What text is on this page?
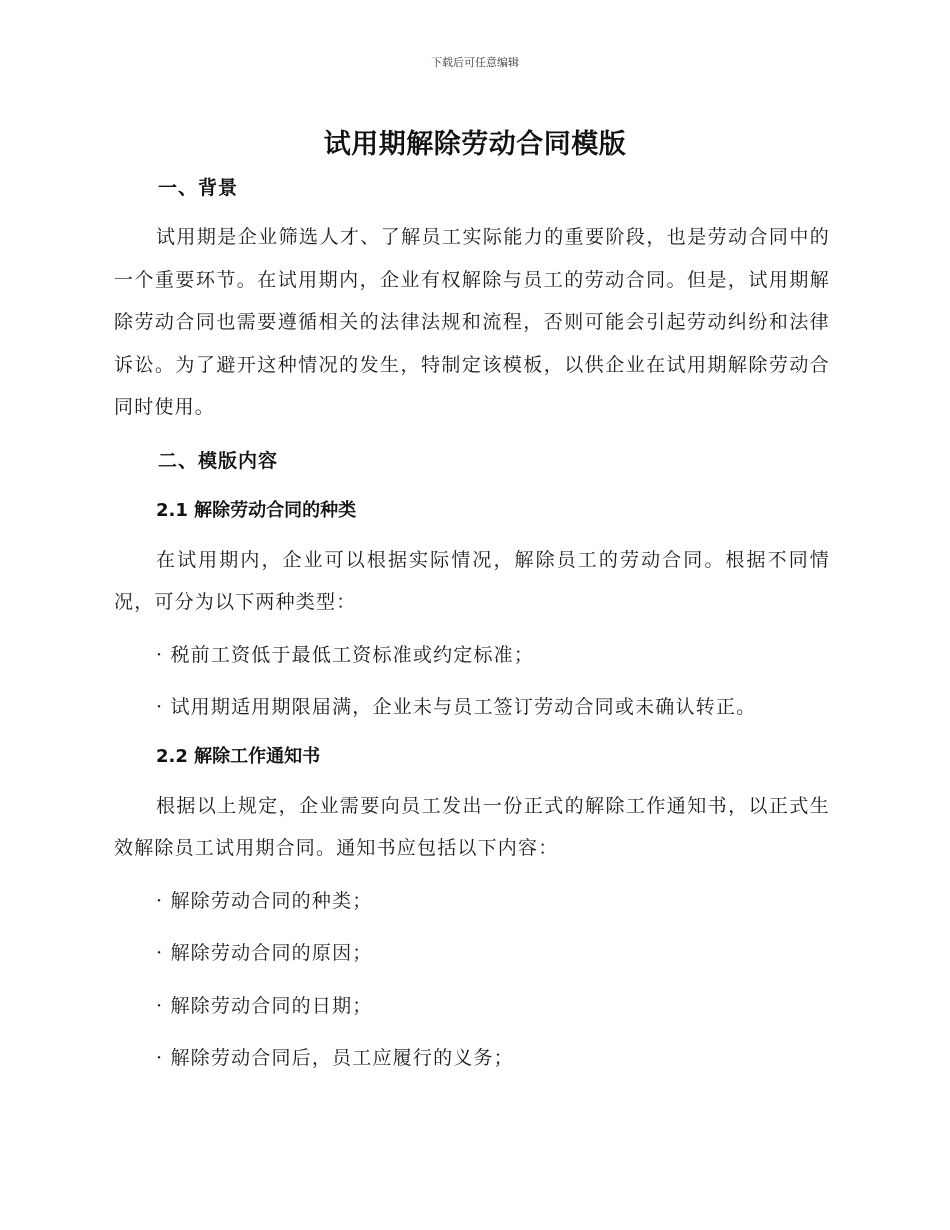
下载后可任意编辑
试用期解除劳动合同模版

一、背景

试用期是企业筛选人才、了解员工实际能力的重要阶段，也是劳动合同中的一个重要环节。在试用期内，企业有权解除与员工的劳动合同。但是，试用期解除劳动合同也需要遵循相关的法律法规和流程，否则可能会引起劳动纠纷和法律诉讼。为了避开这种情况的发生，特制定该模板，以供企业在试用期解除劳动合同时使用。

二、模版内容

2.1 解除劳动合同的种类

在试用期内，企业可以根据实际情况，解除员工的劳动合同。根据不同情况，可分为以下两种类型：

· 税前工资低于最低工资标准或约定标准；

· 试用期适用期限届满，企业未与员工签订劳动合同或未确认转正。

2.2 解除工作通知书

根据以上规定，企业需要向员工发出一份正式的解除工作通知书，以正式生效解除员工试用期合同。通知书应包括以下内容：

· 解除劳动合同的种类；

· 解除劳动合同的原因；

· 解除劳动合同的日期；

· 解除劳动合同后，员工应履行的义务；
